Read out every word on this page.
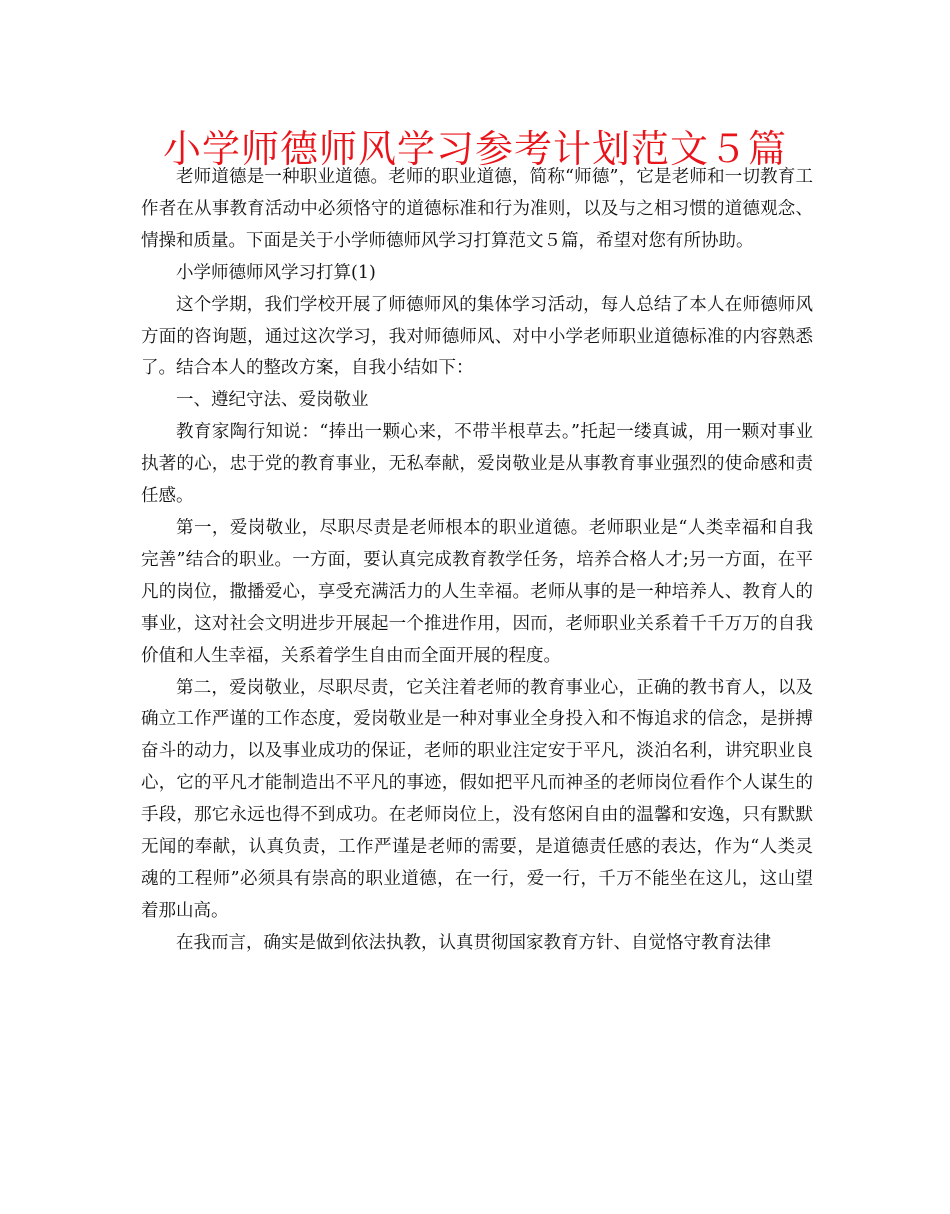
小学师德师风学习参考计划范文５篇

老师道德是一种职业道德。老师的职业道德，简称“师德”，它是老师和一切教育工作者在从事教育活动中必须恪守的道德标准和行为准则，以及与之相习惯的道德观念、情操和质量。下面是关于小学师德师风学习打算范文５篇，希望对您有所协助。

小学师德师风学习打算(1)

这个学期，我们学校开展了师德师风的集体学习活动，每人总结了本人在师德师风方面的咨询题，通过这次学习，我对师德师风、对中小学老师职业道德标准的内容熟悉了。结合本人的整改方案，自我小结如下：

一、遵纪守法、爱岗敬业

教育家陶行知说：“捧出一颗心来，不带半根草去。”托起一缕真诚，用一颗对事业执著的心，忠于党的教育事业，无私奉献，爱岗敬业是从事教育事业强烈的使命感和责任感。

第一，爱岗敬业，尽职尽责是老师根本的职业道德。老师职业是“人类幸福和自我完善”结合的职业。一方面，要认真完成教育教学任务，培养合格人才;另一方面，在平凡的岗位，撒播爱心，享受充满活力的人生幸福。老师从事的是一种培养人、教育人的事业，这对社会文明进步开展起一个推进作用，因而，老师职业关系着千千万万的自我价值和人生幸福，关系着学生自由而全面开展的程度。

第二，爱岗敬业，尽职尽责，它关注着老师的教育事业心，正确的教书育人，以及确立工作严谨的工作态度，爱岗敬业是一种对事业全身投入和不悔追求的信念，是拼搏奋斗的动力，以及事业成功的保证，老师的职业注定安于平凡，淡泊名利，讲究职业良心，它的平凡才能制造出不平凡的事迹，假如把平凡而神圣的老师岗位看作个人谋生的手段，那它永远也得不到成功。在老师岗位上，没有悠闲自由的温馨和安逸，只有默默无闻的奉献，认真负责，工作严谨是老师的需要，是道德责任感的表达，作为“人类灵魂的工程师”必须具有崇高的职业道德，在一行，爱一行，千万不能坐在这儿，这山望着那山高。

在我而言，确实是做到依法执教，认真贯彻国家教育方针、自觉恪守教育法律
